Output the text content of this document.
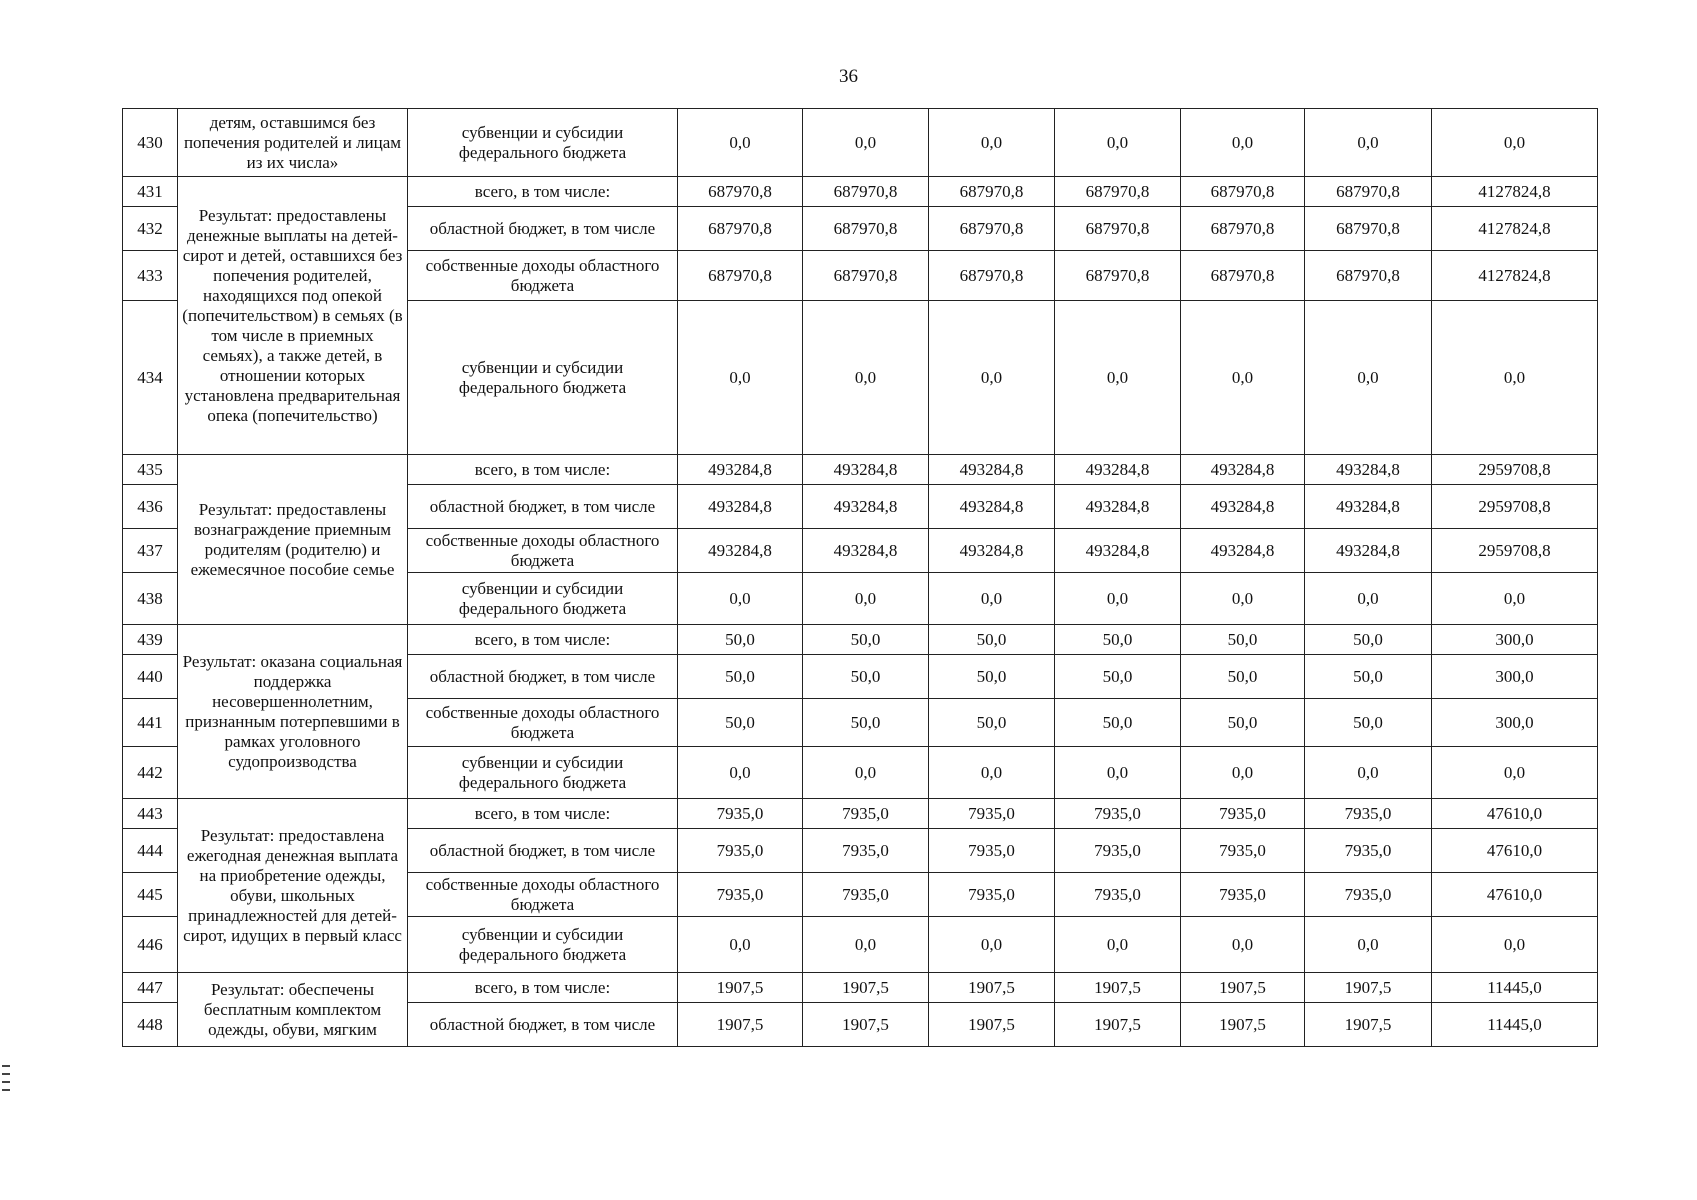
36
430	детям, оставшимся без попечения родителей и лицам из их числа»	субвенции и субсидии федерального бюджета	0,0	0,0	0,0	0,0	0,0	0,0	0,0
431	Результат: предоставлены денежные выплаты на детей-сирот и детей, оставшихся без попечения родителей, находящихся под опекой (попечительством) в семьях (в том числе в приемных семьях), а также детей, в отношении которых установлена предварительная опека (попечительство)	всего, в том числе:	687970,8	687970,8	687970,8	687970,8	687970,8	687970,8	4127824,8
432		областной бюджет, в том числе	687970,8	687970,8	687970,8	687970,8	687970,8	687970,8	4127824,8
433		собственные доходы областного бюджета	687970,8	687970,8	687970,8	687970,8	687970,8	687970,8	4127824,8
434		субвенции и субсидии федерального бюджета	0,0	0,0	0,0	0,0	0,0	0,0	0,0
435	Результат: предоставлены вознаграждение приемным родителям (родителю) и ежемесячное пособие семье	всего, в том числе:	493284,8	493284,8	493284,8	493284,8	493284,8	493284,8	2959708,8
436		областной бюджет, в том числе	493284,8	493284,8	493284,8	493284,8	493284,8	493284,8	2959708,8
437		собственные доходы областного бюджета	493284,8	493284,8	493284,8	493284,8	493284,8	493284,8	2959708,8
438		субвенции и субсидии федерального бюджета	0,0	0,0	0,0	0,0	0,0	0,0	0,0
439	Результат: оказана социальная поддержка несовершеннолетним, признанным потерпевшими в рамках уголовного судопроизводства	всего, в том числе:	50,0	50,0	50,0	50,0	50,0	50,0	300,0
440		областной бюджет, в том числе	50,0	50,0	50,0	50,0	50,0	50,0	300,0
441		собственные доходы областного бюджета	50,0	50,0	50,0	50,0	50,0	50,0	300,0
442		субвенции и субсидии федерального бюджета	0,0	0,0	0,0	0,0	0,0	0,0	0,0
443	Результат: предоставлена ежегодная денежная выплата на приобретение одежды, обуви, школьных принадлежностей для детей-сирот, идущих в первый класс	всего, в том числе:	7935,0	7935,0	7935,0	7935,0	7935,0	7935,0	47610,0
444		областной бюджет, в том числе	7935,0	7935,0	7935,0	7935,0	7935,0	7935,0	47610,0
445		собственные доходы областного бюджета	7935,0	7935,0	7935,0	7935,0	7935,0	7935,0	47610,0
446		субвенции и субсидии федерального бюджета	0,0	0,0	0,0	0,0	0,0	0,0	0,0
447	Результат: обеспечены бесплатным комплектом одежды, обуви, мягким	всего, в том числе:	1907,5	1907,5	1907,5	1907,5	1907,5	1907,5	11445,0
448		областной бюджет, в том числе	1907,5	1907,5	1907,5	1907,5	1907,5	1907,5	11445,0
